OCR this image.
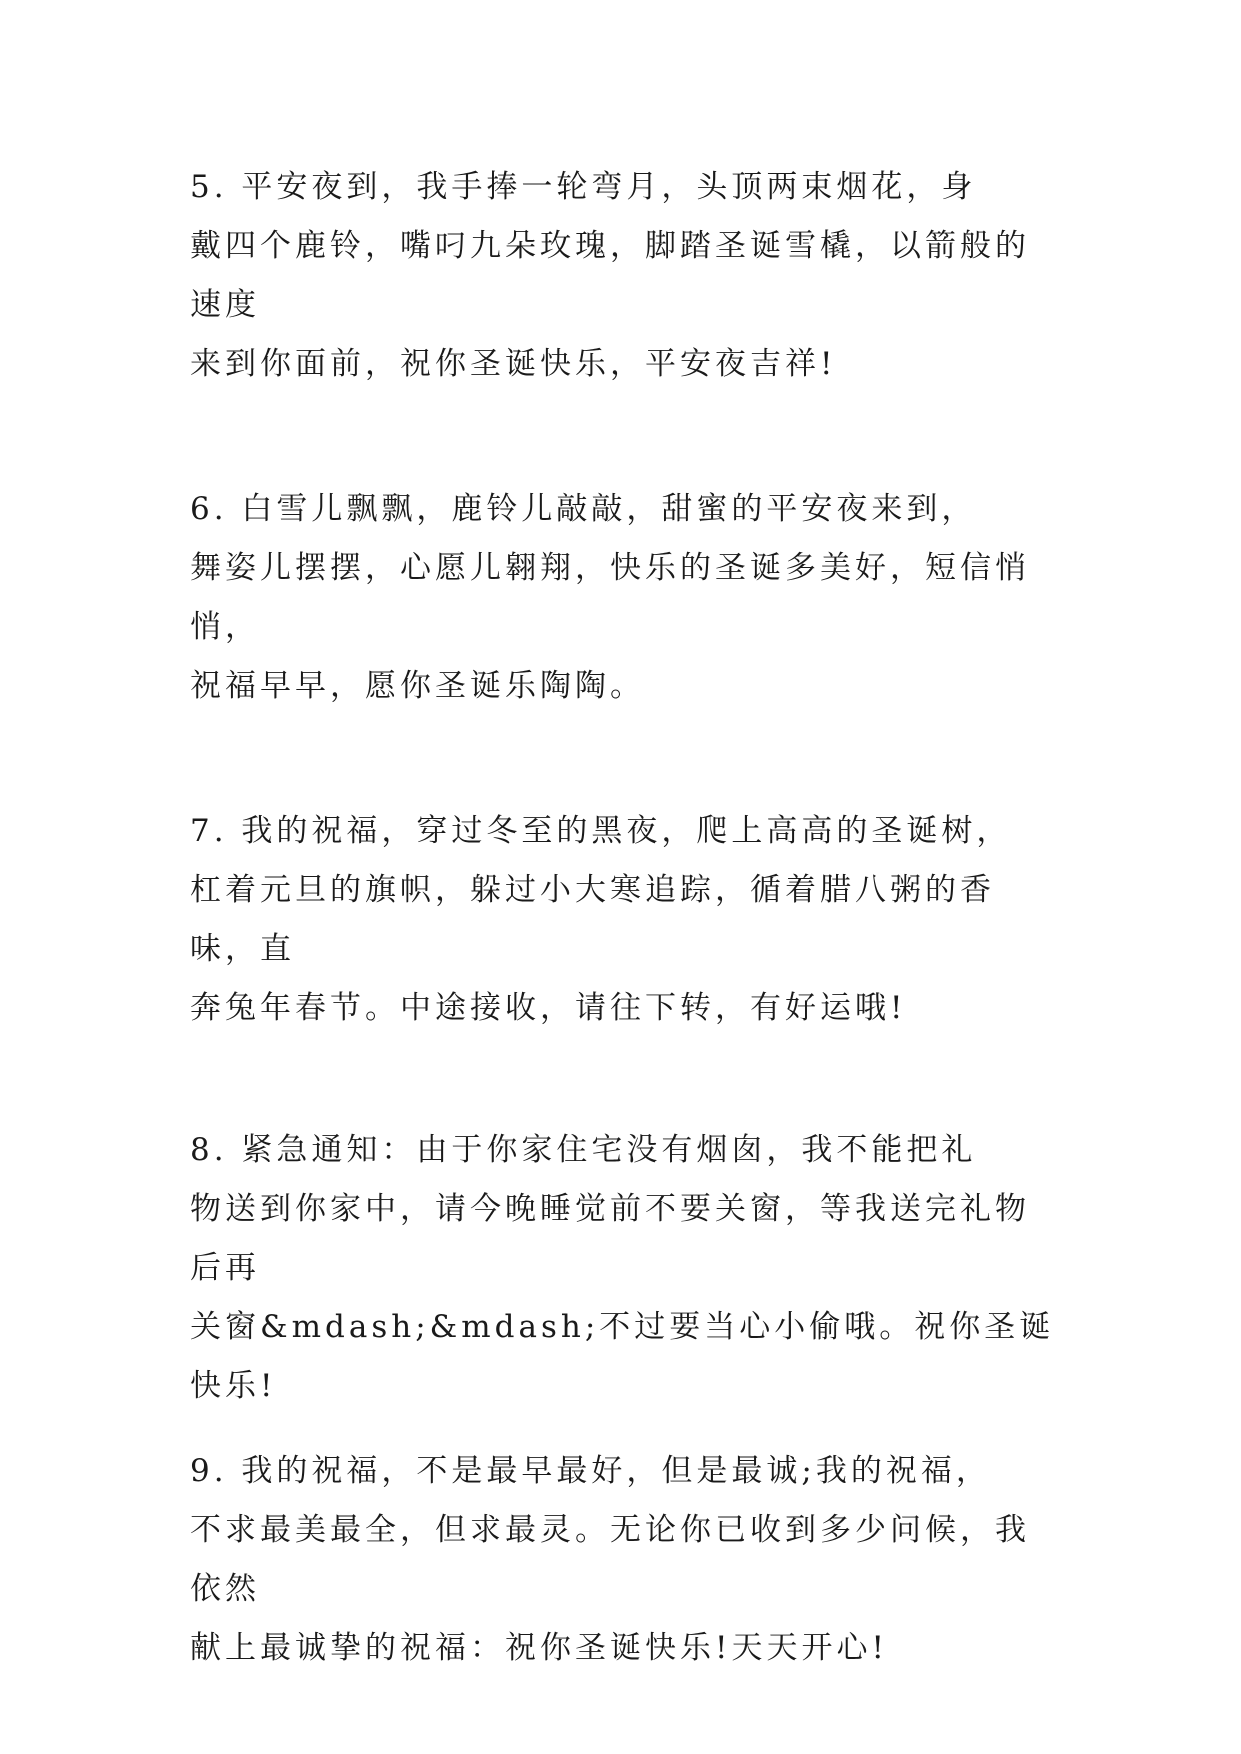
5. 平安夜到，我手捧一轮弯月，头顶两束烟花，身
戴四个鹿铃，嘴叼九朵玫瑰，脚踏圣诞雪橇，以箭般的速度
来到你面前，祝你圣诞快乐，平安夜吉祥!

6. 白雪儿飘飘，鹿铃儿敲敲，甜蜜的平安夜来到，
舞姿儿摆摆，心愿儿翱翔，快乐的圣诞多美好，短信悄悄，
祝福早早，愿你圣诞乐陶陶。

7. 我的祝福，穿过冬至的黑夜，爬上高高的圣诞树，
杠着元旦的旗帜，躲过小大寒追踪，循着腊八粥的香味，直
奔兔年春节。中途接收，请往下转，有好运哦!

8. 紧急通知：由于你家住宅没有烟囱，我不能把礼
物送到你家中，请今晚睡觉前不要关窗，等我送完礼物后再
关窗&mdash;&mdash;不过要当心小偷哦。祝你圣诞快乐!

9. 我的祝福，不是最早最好，但是最诚;我的祝福，
不求最美最全，但求最灵。无论你已收到多少问候，我依然
献上最诚挚的祝福：祝你圣诞快乐!天天开心!
